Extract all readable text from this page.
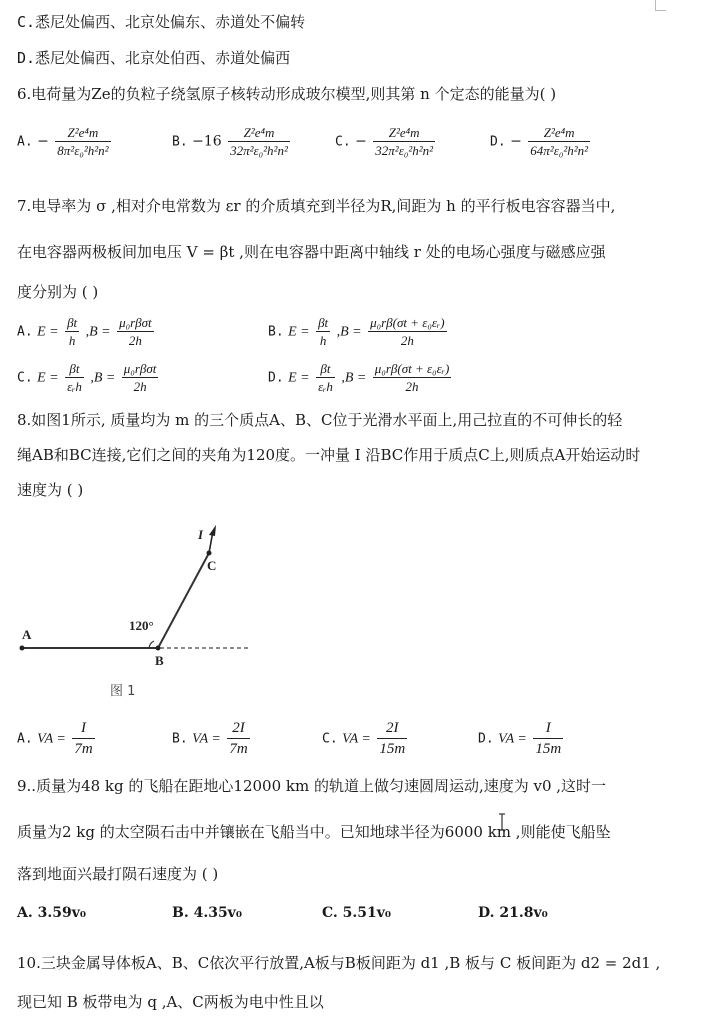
C.悉尼处偏西、北京处偏东、赤道处不偏转
D.悉尼处偏西、北京处伯西、赤道处偏西
6.电荷量为Ze的负粒子绕氢原子核转动形成玻尔模型,则其第 n 个定态的能量为( )
A. − $\frac{\text{Z²e⁴m}}{\text{8π²ε₀²h²n²}}$	B. $-16 \frac{\text{Z²e⁴m}}{\text{32π²ε₀²h²n²}}$	C. − $\frac{\text{Z²e⁴m}}{\text{32π²ε₀²h²n²}}$	D. − $\frac{\text{Z²e⁴m}}{\text{64π²ε₀²h²n²}}$
7.电导率为 σ ,相对介电常数为 εr 的介质填充到半径为R,间距为 h 的平行板电容容器当中,
在电容器两极板间加电压 V = βt ,则在电容器中距离中轴线 r 处的电场心强度与磁感应强
度分别为 ( )
A. $E = \frac{\beta t}{h} ,B = \frac{\text{μ₀rβσt}}{2h}$	B. $E = \frac{\beta t}{h} ,B = \frac{\text{μ₀rβ(σt + ε₀εᵣ)}}{2h}$
C. $E = \frac{\beta t}{\text{εᵣh}} ,B = \frac{\text{μ₀rβσt}}{2h}$	D. $E = \frac{\beta t}{\text{εᵣh}} ,B = \frac{\text{μ₀rβ(σt + ε₀εᵣ)}}{2h}$
8.如图1所示, 质量均为 m 的三个质点A、B、C位于光滑水平面上,用己拉直的不可伸长的轻
绳AB和BC连接,它们之间的夹角为120度。一冲量 I 沿BC作用于质点C上,则质点A开始运动时
速度为 ( )
A
B
C
I
120°
图 1
A. VA = $\frac{I}{7m}$	B. VA = $\frac{2I}{7m}$	C. VA = $\frac{2I}{15m}$	D. VA = $\frac{I}{15m}$
9..质量为48 kg 的飞船在距地心12000 km 的轨道上做匀速圆周运动,速度为 v0 ,这时一
质量为2 kg 的太空陨石击中并镶嵌在飞船当中。已知地球半径为6000 km ,则能使飞船坠
落到地面兴最打陨石速度为 ( )
A. 3.59v₀	B. 4.35v₀	C. 5.51v₀	D. 21.8v₀
10.三块金属导体板A、B、C依次平行放置,A板与B板间距为 d1 ,B 板与 C 板间距为 d2 = 2d1 ,
现已知 B 板带电为 q ,A、C两板为电中性且以
